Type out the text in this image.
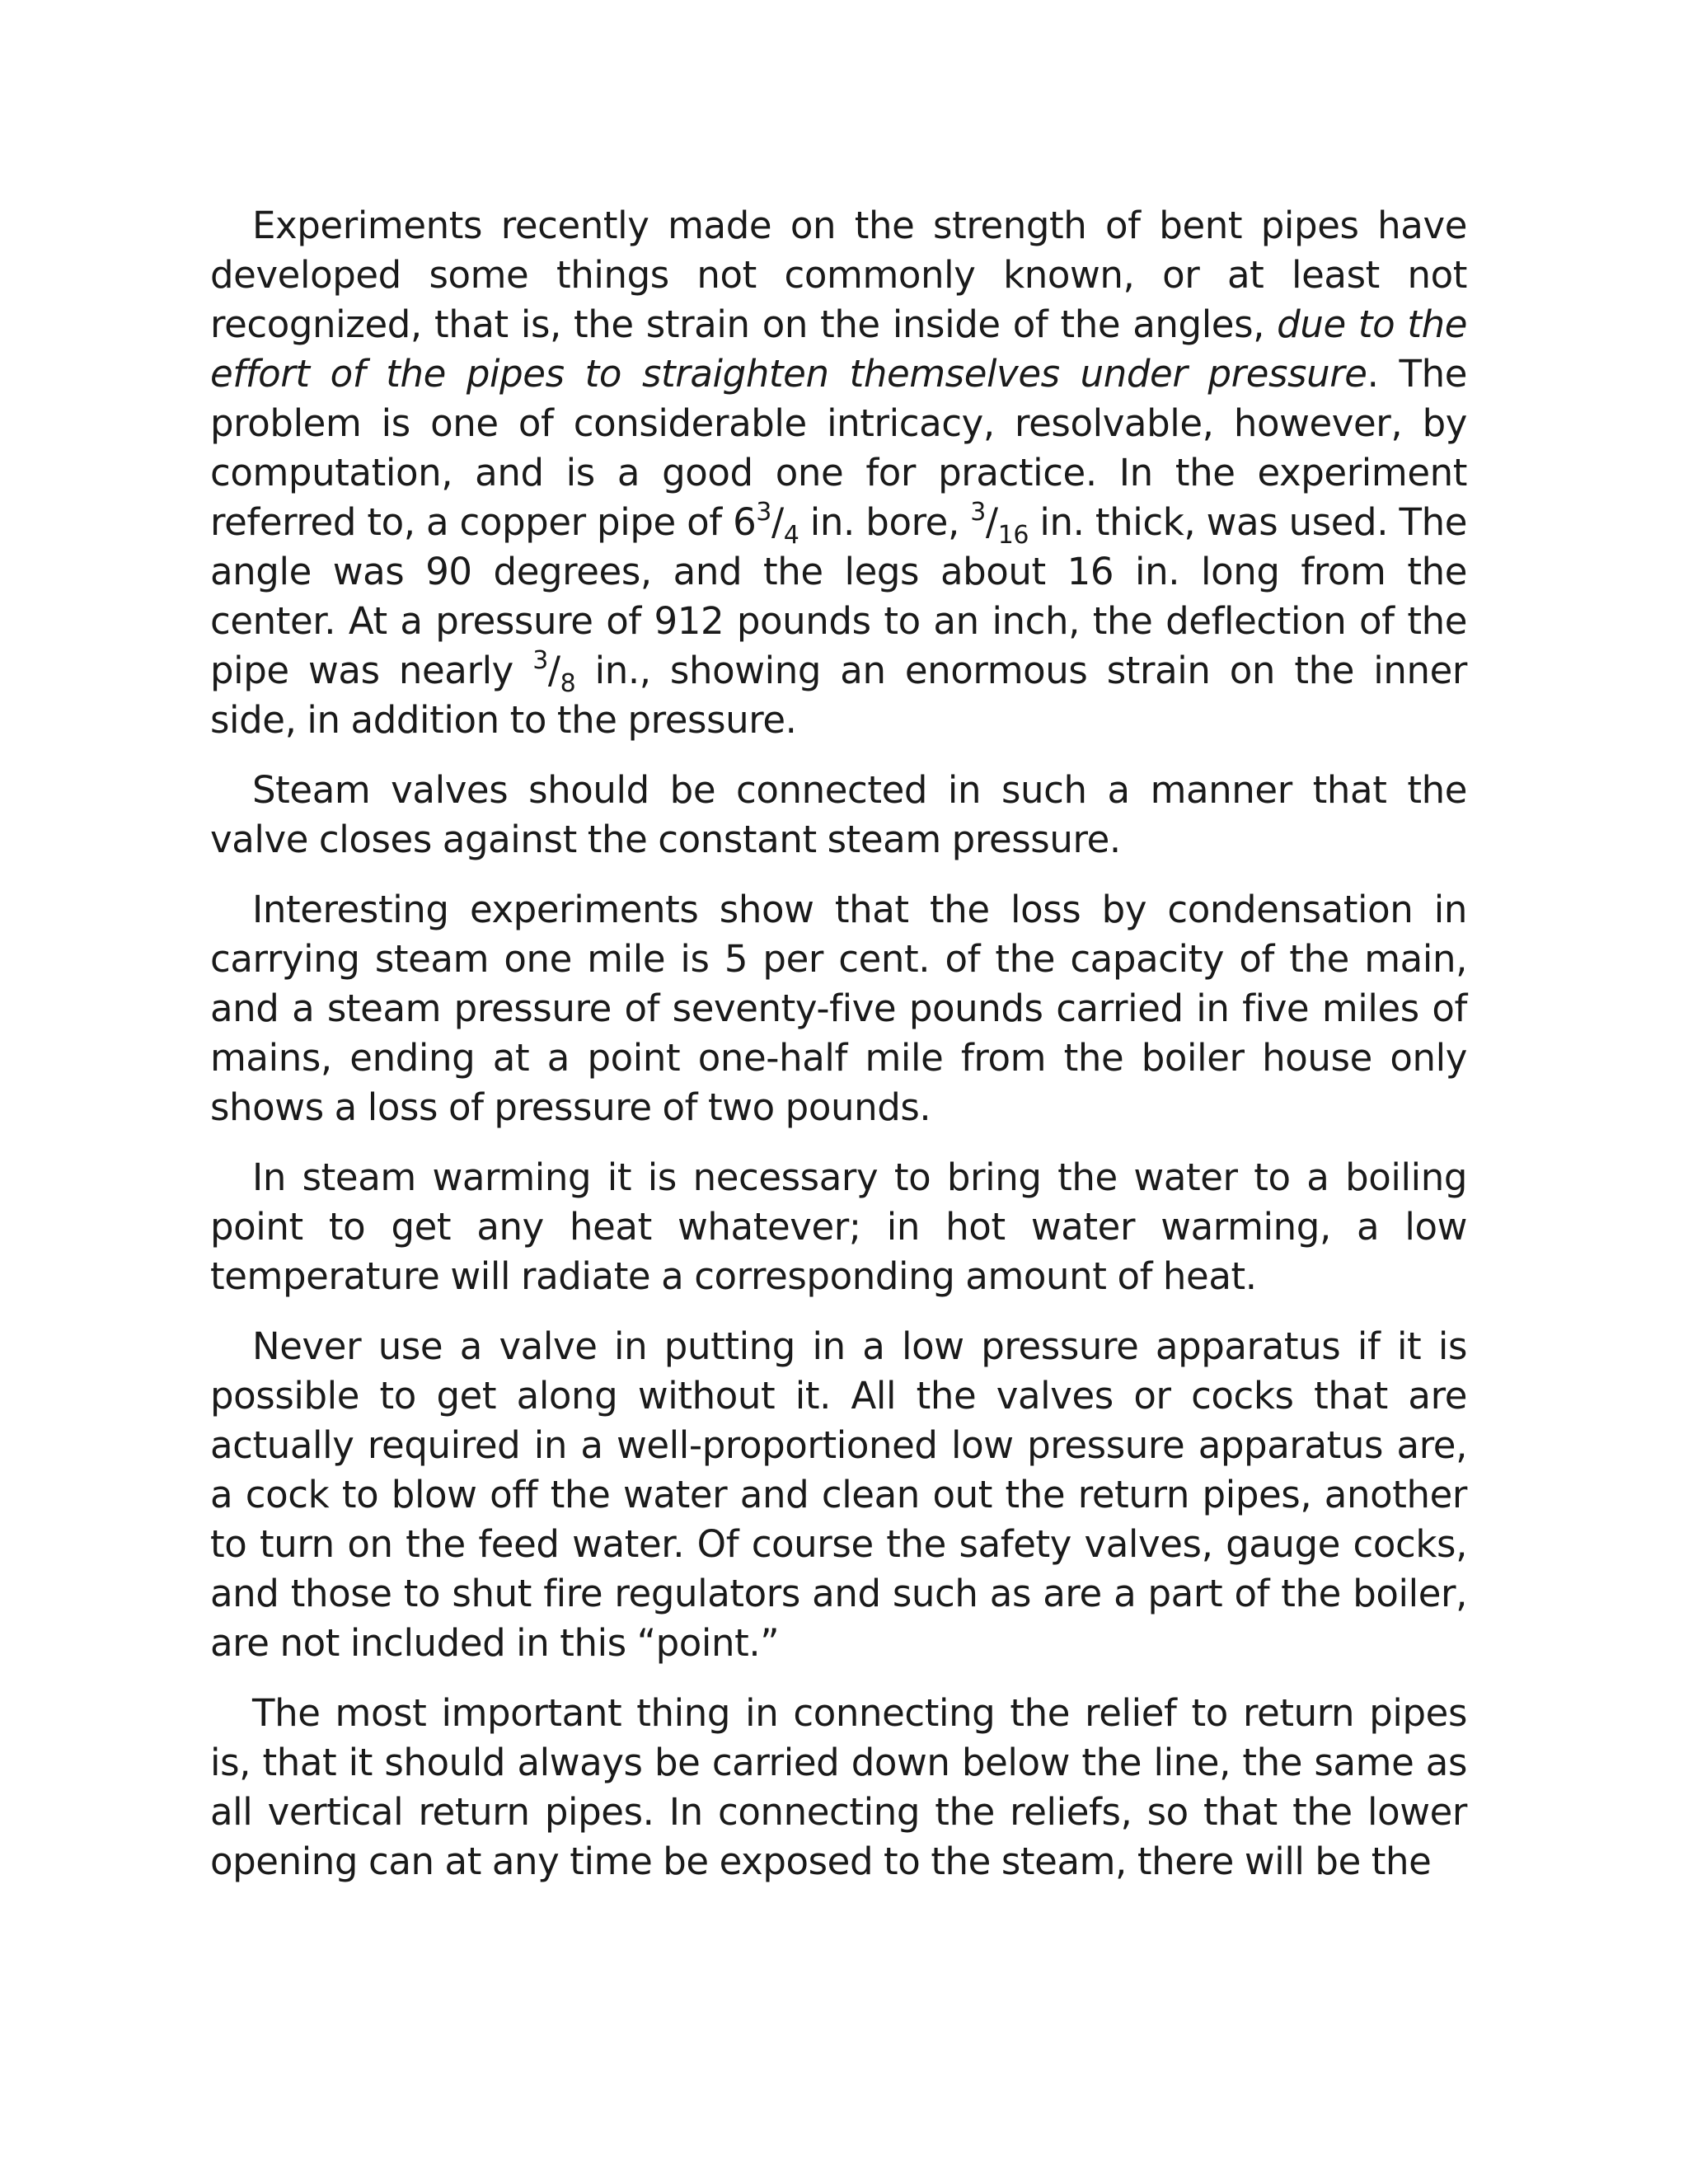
Experiments recently made on the strength of bent pipes have developed some things not commonly known, or at least not recognized, that is, the strain on the inside of the angles, due to the effort of the pipes to straighten themselves under pressure. The problem is one of considerable intricacy, resolvable, however, by computation, and is a good one for practice. In the experiment referred to, a copper pipe of $6^3/_4$ in. bore, $^3/_{16}$ in. thick, was used. The angle was 90 degrees, and the legs about 16 in. long from the center. At a pressure of 912 pounds to an inch, the deflection of the pipe was nearly $^3/_8$ in., showing an enormous strain on the inner side, in addition to the pressure.

Steam valves should be connected in such a manner that the valve closes against the constant steam pressure.

Interesting experiments show that the loss by condensation in carrying steam one mile is 5 per cent. of the capacity of the main, and a steam pressure of seventy-five pounds carried in five miles of mains, ending at a point one-half mile from the boiler house only shows a loss of pressure of two pounds.

In steam warming it is necessary to bring the water to a boiling point to get any heat whatever; in hot water warming, a low temperature will radiate a corresponding amount of heat.

Never use a valve in putting in a low pressure apparatus if it is possible to get along without it. All the valves or cocks that are actually required in a well-proportioned low pressure apparatus are, a cock to blow off the water and clean out the return pipes, another to turn on the feed water. Of course the safety valves, gauge cocks, and those to shut fire regulators and such as are a part of the boiler, are not included in this “point.”

The most important thing in connecting the relief to return pipes is, that it should always be carried down below the line, the same as all vertical return pipes. In connecting the reliefs, so that the lower opening can at any time be exposed to the steam, there will be the
